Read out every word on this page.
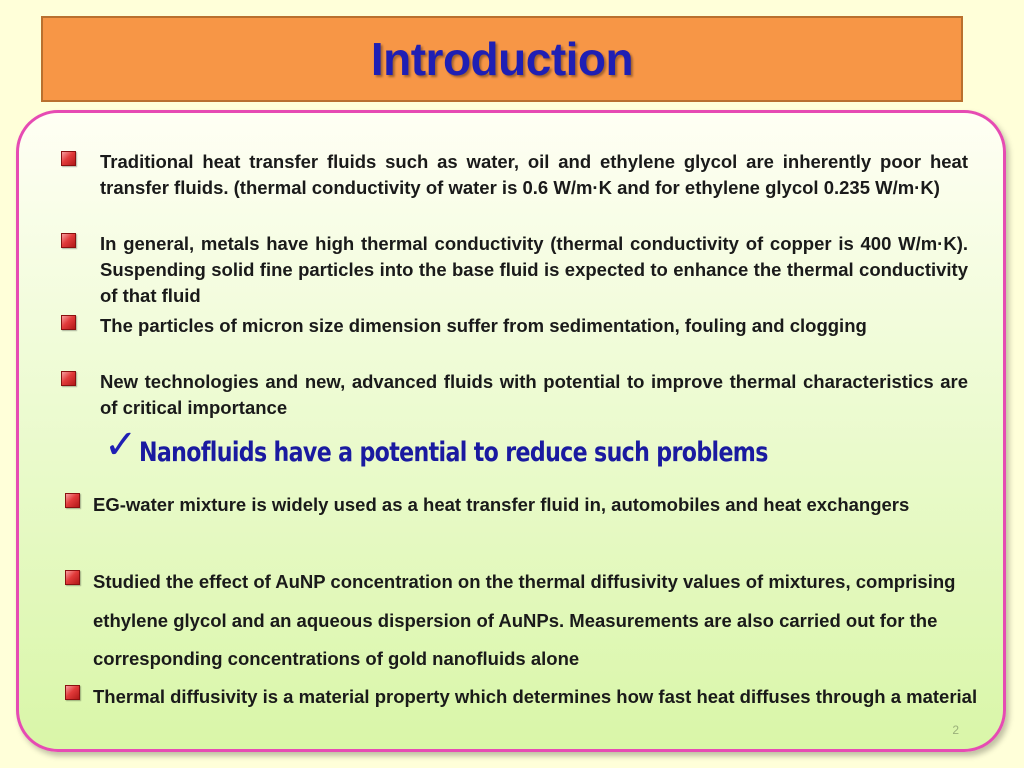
Introduction
Traditional heat transfer fluids such as water, oil and ethylene glycol are inherently poor heat transfer fluids. (thermal conductivity of water is 0.6 W/m·K and for ethylene glycol 0.235 W/m·K)
In general, metals have high thermal conductivity (thermal conductivity of copper is 400 W/m·K). Suspending solid fine particles into the base fluid is expected to enhance the thermal conductivity of that fluid
The particles of micron size dimension suffer from sedimentation, fouling and clogging
New technologies and new, advanced fluids with potential to improve thermal characteristics are of critical importance
✓ Nanofluids have a potential to reduce such problems
EG-water mixture is widely used as a heat transfer fluid in, automobiles and heat exchangers
Studied the effect of AuNP concentration on the thermal diffusivity values of mixtures, comprising ethylene glycol and an aqueous dispersion of AuNPs. Measurements are also carried out for the corresponding concentrations of gold nanofluids alone
Thermal diffusivity is a material property which determines how fast heat diffuses through a material
2
